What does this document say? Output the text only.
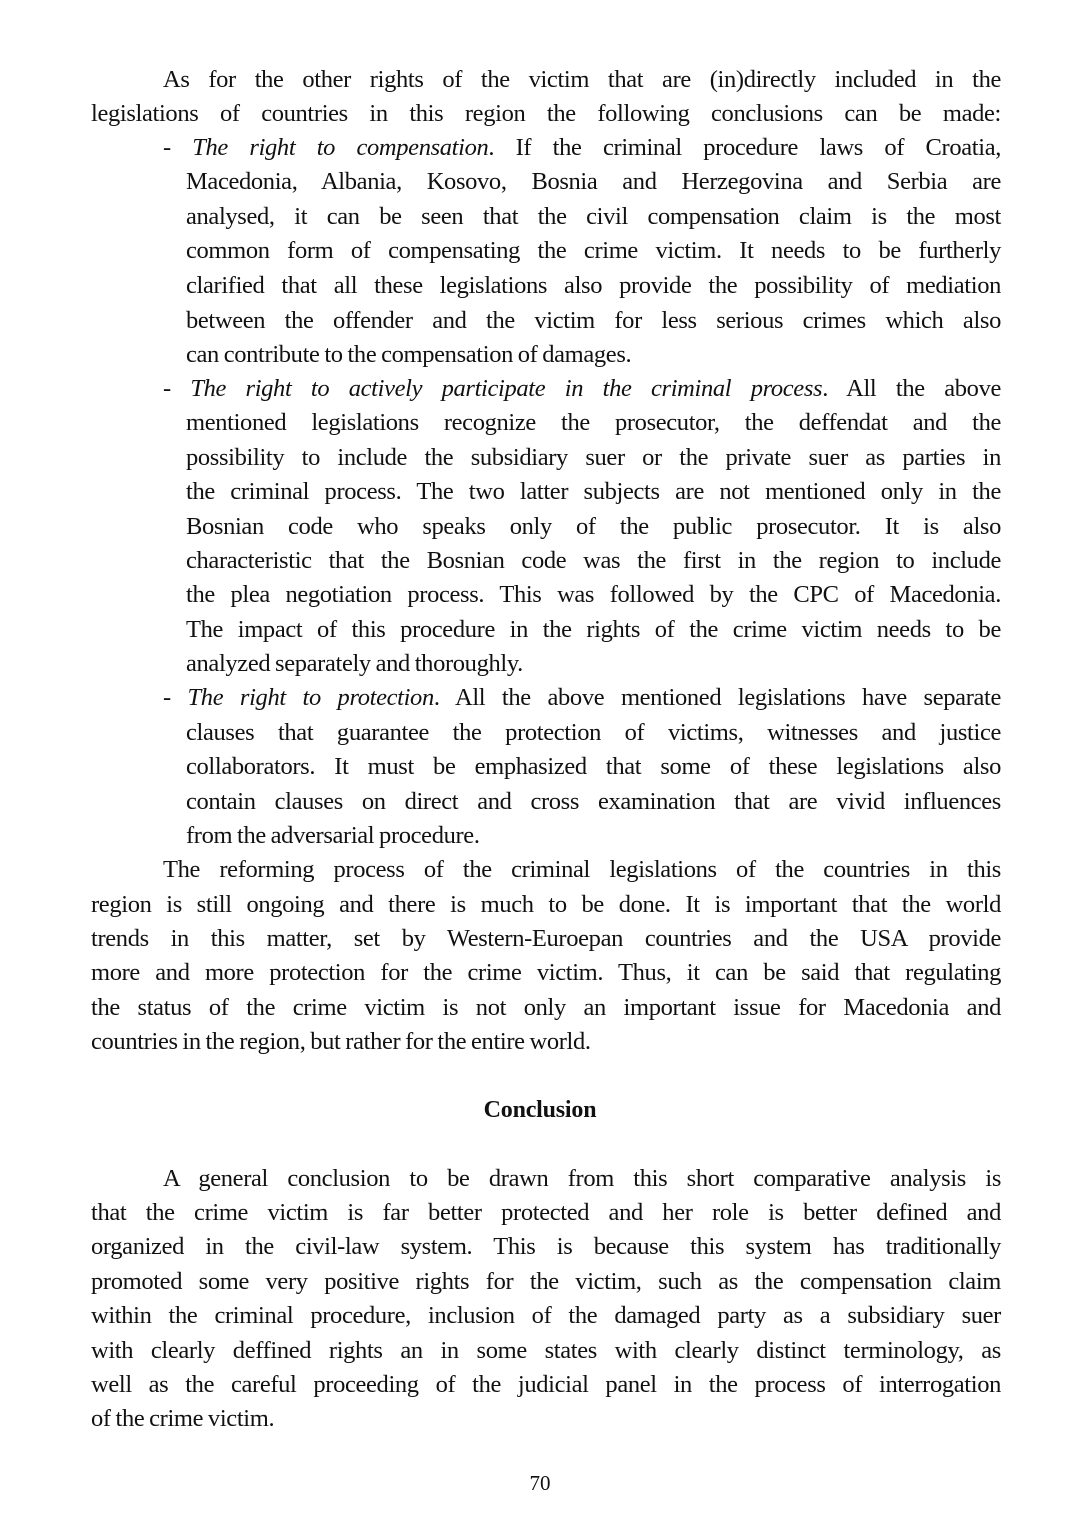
As for the other rights of the victim that are (in)directly included in the
legislations of countries in this region the following conclusions can be made:
- The right to compensation. If the criminal procedure laws of Croatia,
Macedonia, Albania, Kosovo, Bosnia and Herzegovina and Serbia are
analysed, it can be seen that the civil compensation claim is the most
common form of compensating the crime victim. It needs to be furtherly
clarified that all these legislations also provide the possibility of mediation
between the offender and the victim for less serious crimes which also
can contribute to the compensation of damages.
- The right to actively participate in the criminal process. All the above
mentioned legislations recognize the prosecutor, the deffendat and the
possibility to include the subsidiary suer or the private suer as parties in
the criminal process. The two latter subjects are not mentioned only in the
Bosnian code who speaks only of the public prosecutor. It is also
characteristic that the Bosnian code was the first in the region to include
the plea negotiation process. This was followed by the CPC of Macedonia.
The impact of this procedure in the rights of the crime victim needs to be
analyzed separately and thoroughly.
- The right to protection. All the above mentioned legislations have separate
clauses that guarantee the protection of victims, witnesses and justice
collaborators. It must be emphasized that some of these legislations also
contain clauses on direct and cross examination that are vivid influences
from the adversarial procedure.
The reforming process of the criminal legislations of the countries in this
region is still ongoing and there is much to be done. It is important that the world
trends in this matter, set by Western-Euroepan countries and the USA provide
more and more protection for the crime victim. Thus, it can be said that regulating
the status of the crime victim is not only an important issue for Macedonia and
countries in the region, but rather for the entire world.
Conclusion
A general conclusion to be drawn from this short comparative analysis is
that the crime victim is far better protected and her role is better defined and
organized in the civil-law system. This is because this system has traditionally
promoted some very positive rights for the victim, such as the compensation claim
within the criminal procedure, inclusion of the damaged party as a subsidiary suer
with clearly deffined rights an in some states with clearly distinct terminology, as
well as the careful proceeding of the judicial panel in the process of interrogation
of the crime victim.
70
